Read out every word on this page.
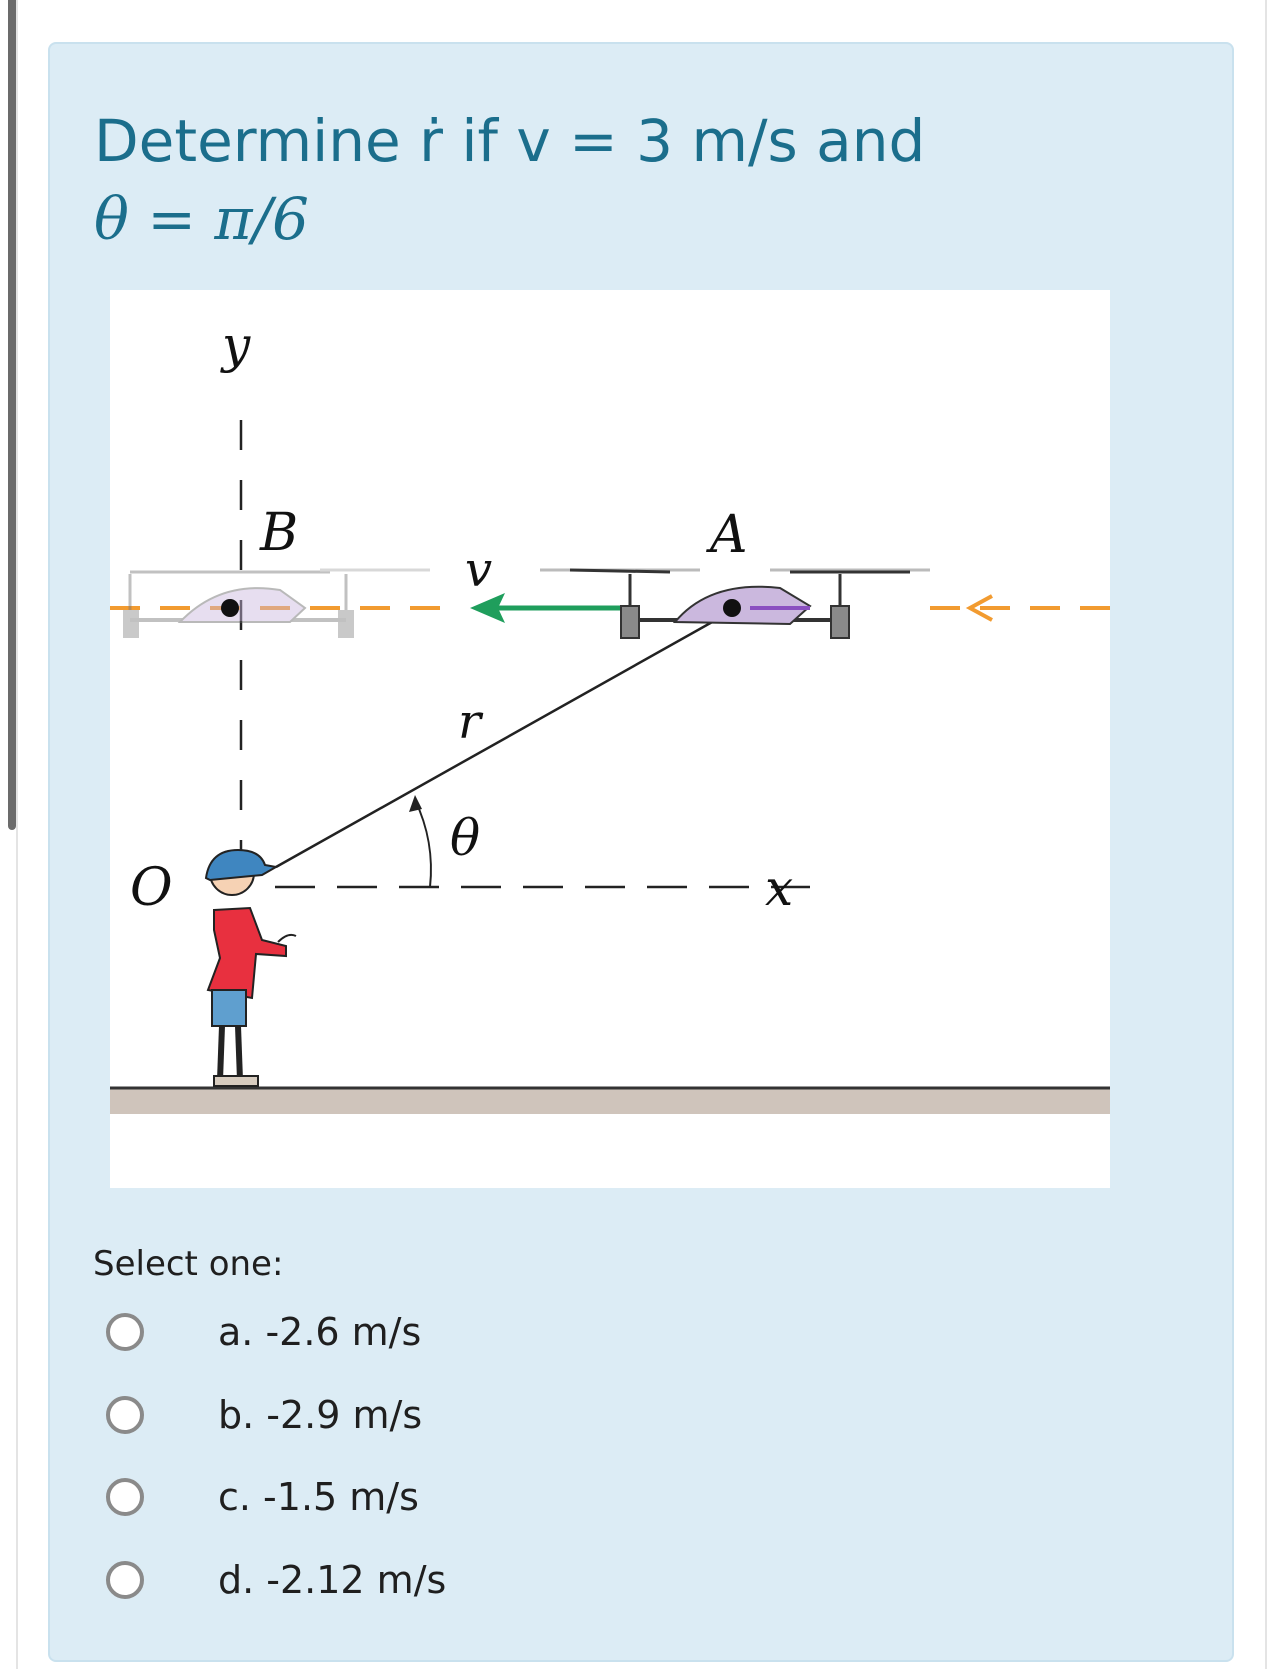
Determine ṙ if v = 3 m/s and
θ = π/6
y
O
B	A
v
r
θ
x
Select one:
a. -2.6 m/s
b. -2.9 m/s
c. -1.5 m/s
d. -2.12 m/s
